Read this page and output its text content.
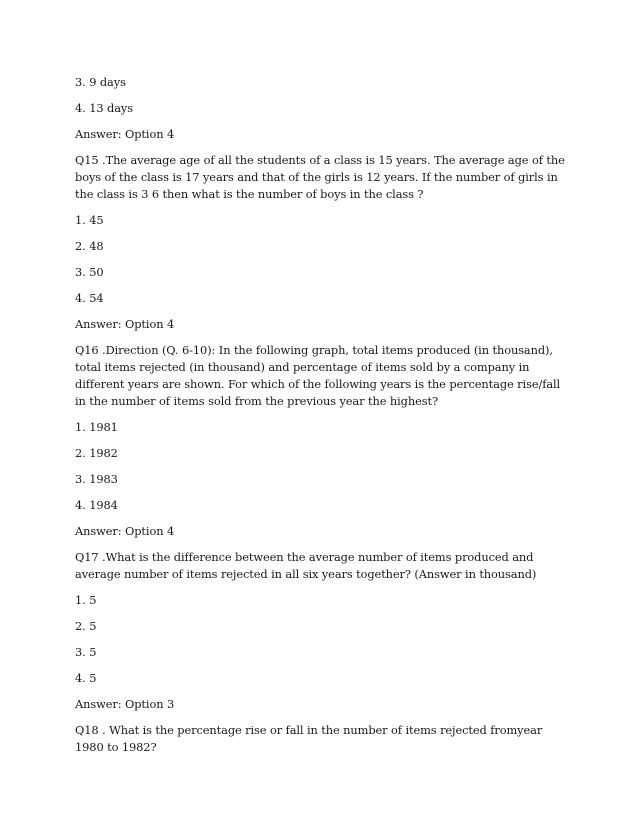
3. 9 days

4. 13 days

Answer: Option 4

Q15 .The average age of all the students of a class is 15 years. The average age of the boys of the class is 17 years and that of the girls is 12 years. If the number of girls in the class is 3 6 then what is the number of boys in the class ?

1. 45

2. 48

3. 50

4. 54

Answer: Option 4

Q16 .Direction (Q. 6-10): In the following graph, total items produced (in thousand), total items rejected (in thousand) and percentage of items sold by a company in different years are shown. For which of the following years is the percentage rise/fall in the number of items sold from the previous year the highest?

1. 1981

2. 1982

3. 1983

4. 1984

Answer: Option 4

Q17 .What is the difference between the average number of items produced and average number of items rejected in all six years together? (Answer in thousand)

1. 5

2. 5

3. 5

4. 5

Answer: Option 3

Q18 . What is the percentage rise or fall in the number of items rejected fromyear 1980 to 1982?
